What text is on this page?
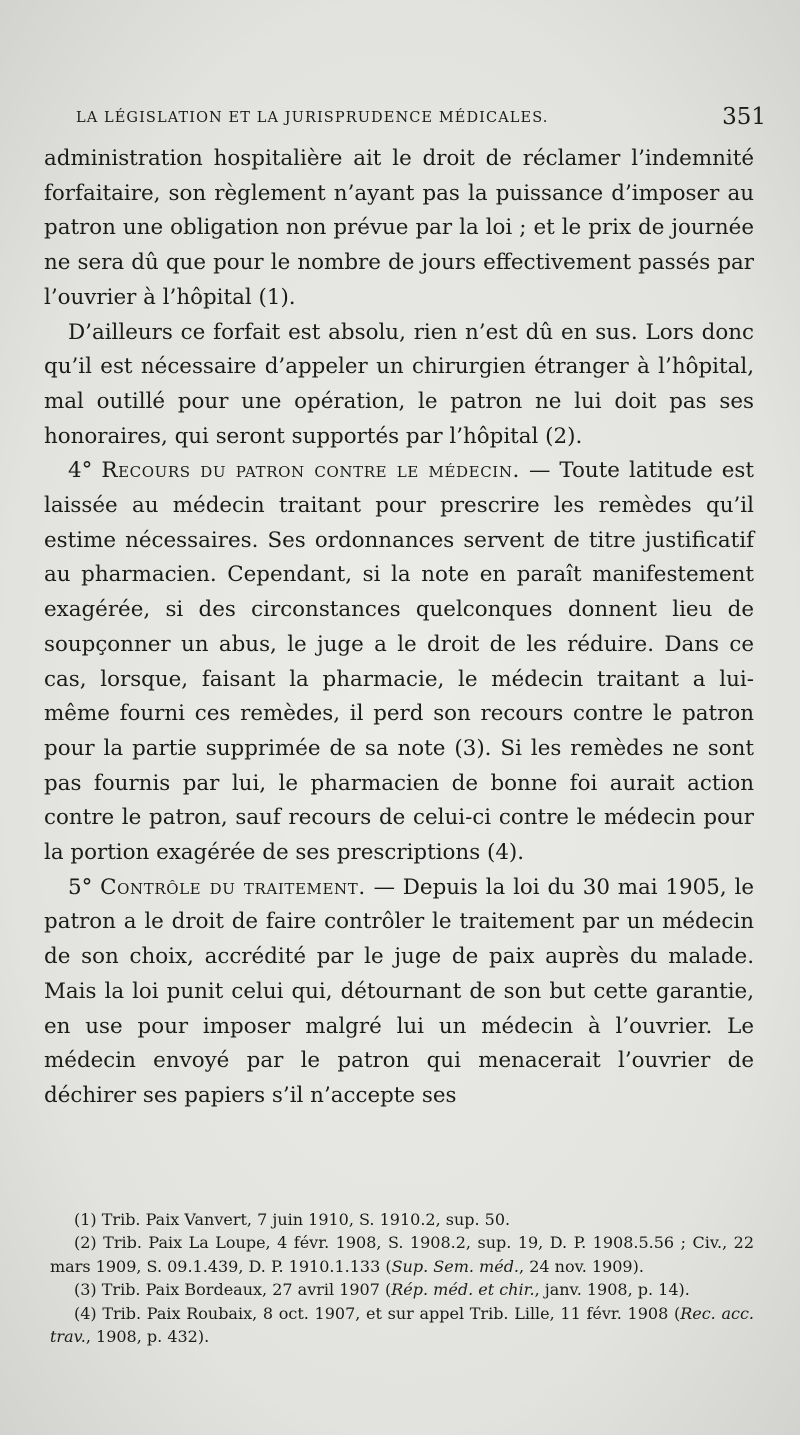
LA LÉGISLATION ET LA JURISPRUDENCE MÉDICALES.	351

administration hospitalière ait le droit de réclamer l’indemnité forfaitaire, son règlement n’ayant pas la puissance d’imposer au patron une obligation non prévue par la loi ; et le prix de journée ne sera dû que pour le nombre de jours effectivement passés par l’ouvrier à l’hôpital (1).

D’ailleurs ce forfait est absolu, rien n’est dû en sus. Lors donc qu’il est nécessaire d’appeler un chirurgien étranger à l’hôpital, mal outillé pour une opération, le patron ne lui doit pas ses honoraires, qui seront supportés par l’hôpital (2).

4° Recours du patron contre le médecin. — Toute latitude est laissée au médecin traitant pour prescrire les remèdes qu’il estime nécessaires. Ses ordonnances servent de titre justificatif au pharmacien. Cependant, si la note en paraît manifestement exagérée, si des circonstances quelconques donnent lieu de soupçonner un abus, le juge a le droit de les réduire. Dans ce cas, lorsque, faisant la pharmacie, le médecin traitant a lui-même fourni ces remèdes, il perd son recours contre le patron pour la partie supprimée de sa note (3). Si les remèdes ne sont pas fournis par lui, le pharmacien de bonne foi aurait action contre le patron, sauf recours de celui-ci contre le médecin pour la portion exagérée de ses prescriptions (4).

5° Contrôle du traitement. — Depuis la loi du 30 mai 1905, le patron a le droit de faire contrôler le traitement par un médecin de son choix, accrédité par le juge de paix auprès du malade. Mais la loi punit celui qui, détournant de son but cette garantie, en use pour imposer malgré lui un médecin à l’ouvrier. Le médecin envoyé par le patron qui menacerait l’ouvrier de déchirer ses papiers s’il n’accepte ses

(1) Trib. Paix Vanvert, 7 juin 1910, S. 1910.2, sup. 50.

(2) Trib. Paix La Loupe, 4 févr. 1908, S. 1908.2, sup. 19, D. P. 1908.5.56 ; Civ., 22 mars 1909, S. 09.1.439, D. P. 1910.1.133 (Sup. Sem. méd., 24 nov. 1909).

(3) Trib. Paix Bordeaux, 27 avril 1907 (Rép. méd. et chir., janv. 1908, p. 14).

(4) Trib. Paix Roubaix, 8 oct. 1907, et sur appel Trib. Lille, 11 févr. 1908 (Rec. acc. trav., 1908, p. 432).
